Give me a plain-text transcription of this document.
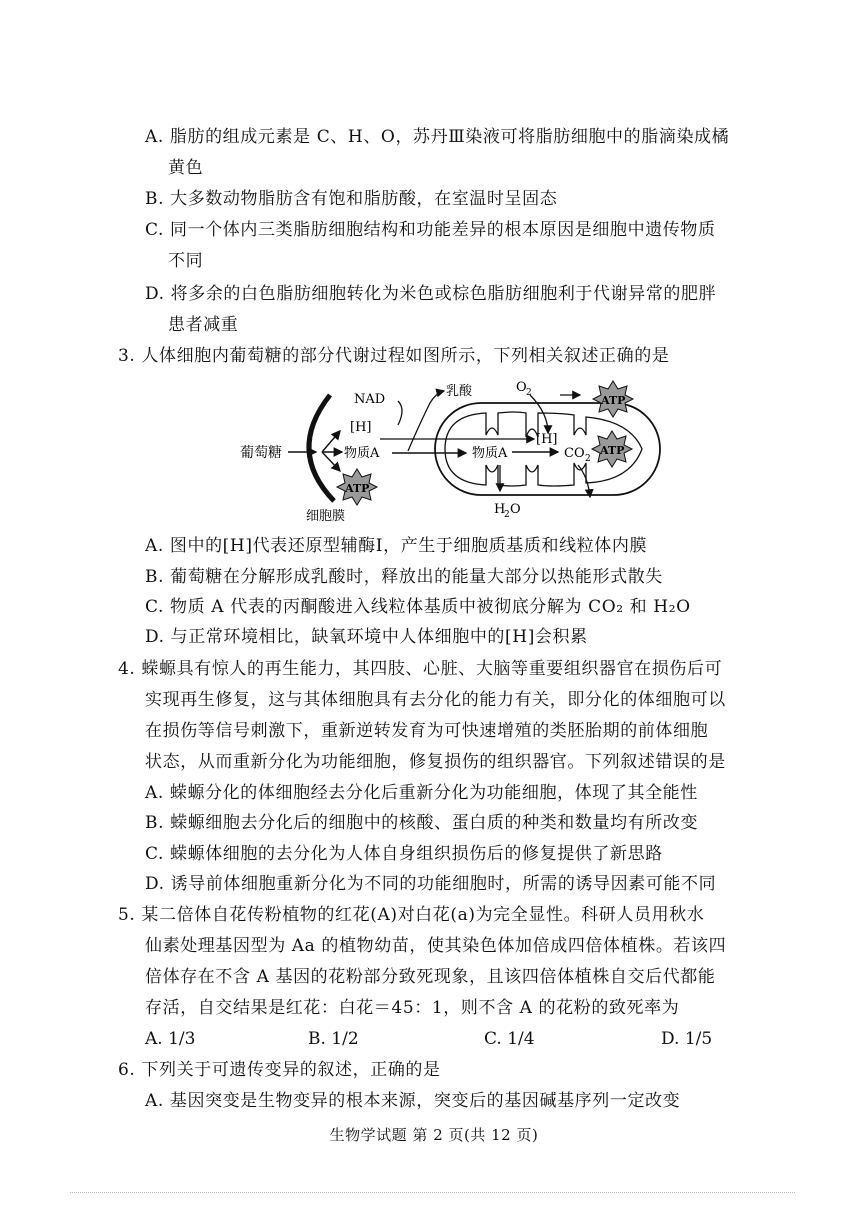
A. 脂肪的组成元素是 C、H、O，苏丹Ⅲ染液可将脂肪细胞中的脂滴染成橘
黄色
B. 大多数动物脂肪含有饱和脂肪酸，在室温时呈固态
C. 同一个体内三类脂肪细胞结构和功能差异的根本原因是细胞中遗传物质
不同
D. 将多余的白色脂肪细胞转化为米色或棕色脂肪细胞利于代谢异常的肥胖
患者减重
3. 人体细胞内葡萄糖的部分代谢过程如图所示，下列相关叙述正确的是
葡萄糖
细胞膜
物质A
[H]
NAD
乳酸
ATP
物质A	CO 2
[H]
O 2
H
2 O
ATP
ATP
A. 图中的[H]代表还原型辅酶Ⅰ，产生于细胞质基质和线粒体内膜
B. 葡萄糖在分解形成乳酸时，释放出的能量大部分以热能形式散失
C. 物质 A 代表的丙酮酸进入线粒体基质中被彻底分解为 CO₂ 和 H₂O
D. 与正常环境相比，缺氧环境中人体细胞中的[H]会积累
4. 蝾螈具有惊人的再生能力，其四肢、心脏、大脑等重要组织器官在损伤后可
实现再生修复，这与其体细胞具有去分化的能力有关，即分化的体细胞可以
在损伤等信号刺激下，重新逆转发育为可快速增殖的类胚胎期的前体细胞
状态，从而重新分化为功能细胞，修复损伤的组织器官。下列叙述错误的是
A. 蝾螈分化的体细胞经去分化后重新分化为功能细胞，体现了其全能性
B. 蝾螈细胞去分化后的细胞中的核酸、蛋白质的种类和数量均有所改变
C. 蝾螈体细胞的去分化为人体自身组织损伤后的修复提供了新思路
D. 诱导前体细胞重新分化为不同的功能细胞时，所需的诱导因素可能不同
5. 某二倍体自花传粉植物的红花(A)对白花(a)为完全显性。科研人员用秋水
仙素处理基因型为 Aa 的植物幼苗，使其染色体加倍成四倍体植株。若该四
倍体存在不含 A 基因的花粉部分致死现象，且该四倍体植株自交后代都能
存活，自交结果是红花：白花＝45：1，则不含 A 的花粉的致死率为
A. 1/3	B. 1/2	C. 1/4	D. 1/5
6. 下列关于可遗传变异的叙述，正确的是
A. 基因突变是生物变异的根本来源，突变后的基因碱基序列一定改变
生物学试题 第 2 页(共 12 页)
